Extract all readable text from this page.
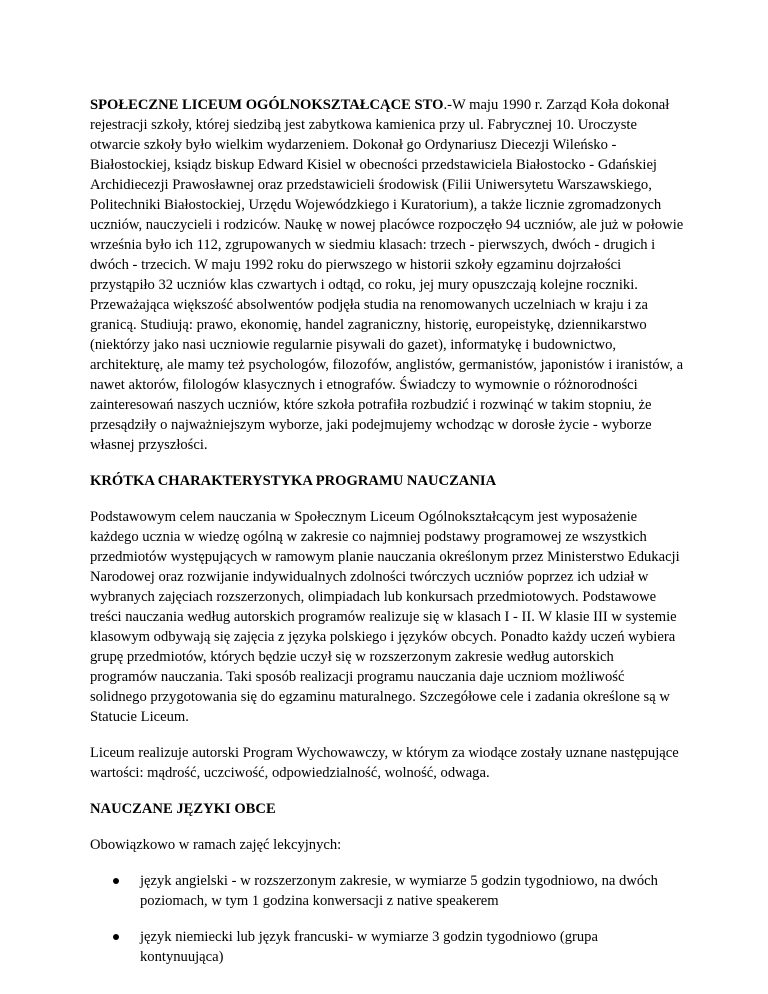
SPOŁECZNE LICEUM OGÓLNOKSZTAŁCĄCE STO.-W maju 1990 r. Zarząd Koła dokonał rejestracji szkoły, której siedzibą jest zabytkowa kamienica przy ul. Fabrycznej 10. Uroczyste otwarcie szkoły było wielkim wydarzeniem. Dokonał go Ordynariusz Diecezji Wileńsko - Białostockiej, ksiądz biskup Edward Kisiel w obecności przedstawiciela Białostocko - Gdańskiej Archidiecezji Prawosławnej oraz przedstawicieli środowisk (Filii Uniwersytetu Warszawskiego, Politechniki Białostockiej, Urzędu Wojewódzkiego i Kuratorium), a także licznie zgromadzonych uczniów, nauczycieli i rodziców. Naukę w nowej placówce rozpoczęło 94 uczniów, ale już w połowie września było ich 112, zgrupowanych w siedmiu klasach: trzech - pierwszych, dwóch - drugich i dwóch - trzecich. W maju 1992 roku do pierwszego w historii szkoły egzaminu dojrzałości przystąpiło 32 uczniów klas czwartych i odtąd, co roku, jej mury opuszczają kolejne roczniki. Przeważająca większość absolwentów podjęła studia na renomowanych uczelniach w kraju i za granicą. Studiują: prawo, ekonomię, handel zagraniczny, historię, europeistykę, dziennikarstwo (niektórzy jako nasi uczniowie regularnie pisywali do gazet), informatykę i budownictwo, architekturę, ale mamy też psychologów, filozofów, anglistów, germanistów, japonistów i iranistów, a nawet aktorów, filologów klasycznych i etnografów. Świadczy to wymownie o różnorodności zainteresowań naszych uczniów, które szkoła potrafiła rozbudzić i rozwinąć w takim stopniu, że przesądziły o najważniejszym wyborze, jaki podejmujemy wchodząc w dorosłe życie - wyborze własnej przyszłości.

KRÓTKA CHARAKTERYSTYKA PROGRAMU NAUCZANIA

Podstawowym celem nauczania w Społecznym Liceum Ogólnokształcącym jest wyposażenie każdego ucznia w wiedzę ogólną w zakresie co najmniej podstawy programowej ze wszystkich przedmiotów występujących w ramowym planie nauczania określonym przez Ministerstwo Edukacji Narodowej oraz rozwijanie indywidualnych zdolności twórczych uczniów poprzez ich udział w wybranych zajęciach rozszerzonych, olimpiadach lub konkursach przedmiotowych. Podstawowe treści nauczania według autorskich programów realizuje się w klasach I - II. W klasie III w systemie klasowym odbywają się zajęcia z języka polskiego i języków obcych. Ponadto każdy uczeń wybiera grupę przedmiotów, których będzie uczył się w rozszerzonym zakresie według autorskich programów nauczania. Taki sposób realizacji programu nauczania daje uczniom możliwość solidnego przygotowania się do egzaminu maturalnego. Szczegółowe cele i zadania określone są w Statucie Liceum.

Liceum realizuje autorski Program Wychowawczy, w którym za wiodące zostały uznane następujące wartości: mądrość, uczciwość, odpowiedzialność, wolność, odwaga.

NAUCZANE JĘZYKI OBCE

Obowiązkowo w ramach zajęć lekcyjnych:

język angielski - w rozszerzonym zakresie, w wymiarze 5 godzin tygodniowo, na dwóch poziomach, w tym 1 godzina konwersacji z native speakerem
język niemiecki lub język francuski- w wymiarze 3 godzin tygodniowo (grupa kontynuująca)
